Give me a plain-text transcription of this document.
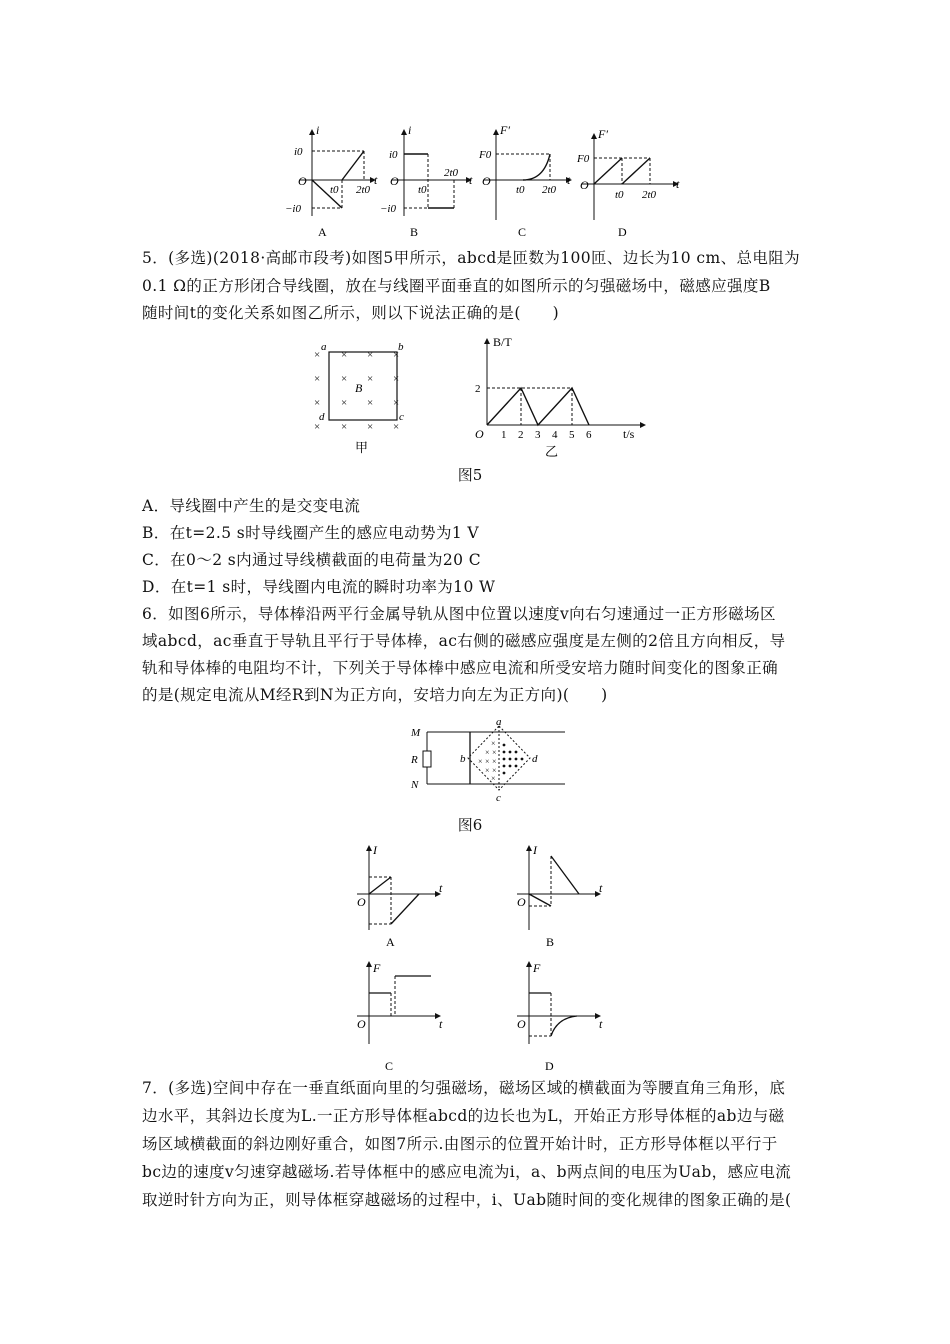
i
i0
−i0
O
t0 2t0
t
A
i
i0
−i0
O
t0
2t0 t
B
F′
F0
O
t0 2t0
t
C
F′
F0
O
t0 2t0
t
D
5．(多选)(2018·高邮市段考)如图5甲所示，abcd是匝数为100匝、边长为10 cm、总电阻为
0.1 Ω的正方形闭合导线圈，放在与线圈平面垂直的如图所示的匀强磁场中，磁感应强度B
随时间t的变化关系如图乙所示，则以下说法正确的是(　　)
× × × ×
× × × ×
× × × ×
× × × ×
a	b
c
d
B
甲
B/T
t/s
O
乙
1 2 3 4 5 6
2
图5
A．导线圈中产生的是交变电流
B．在t=2.5 s时导线圈产生的感应电动势为1 V
C．在0～2 s内通过导线横截面的电荷量为20 C
D．在t=1 s时，导线圈内电流的瞬时功率为10 W
6．如图6所示，导体棒沿两平行金属导轨从图中位置以速度v向右匀速通过一正方形磁场区
域abcd，ac垂直于导轨且平行于导体棒，ac右侧的磁感应强度是左侧的2倍且方向相反，导
轨和导体棒的电阻均不计，下列关于导体棒中感应电流和所受安培力随时间变化的图象正确
的是(规定电流从M经R到N为正方向，安培力向左为正方向)(　　)
×
× ×
× × ×
× ×
×
M
R
N
a
b
c
d
图6
I
O
t
A
I
O
t
B
F
O	t
C
F
O	t
D
7．(多选)空间中存在一垂直纸面向里的匀强磁场，磁场区域的横截面为等腰直角三角形，底
边水平，其斜边长度为L.一正方形导体框abcd的边长也为L，开始正方形导体框的ab边与磁
场区域横截面的斜边刚好重合，如图7所示.由图示的位置开始计时，正方形导体框以平行于
bc边的速度v匀速穿越磁场.若导体框中的感应电流为i，a、b两点间的电压为Uab，感应电流
取逆时针方向为正，则导体框穿越磁场的过程中，i、Uab随时间的变化规律的图象正确的是(
